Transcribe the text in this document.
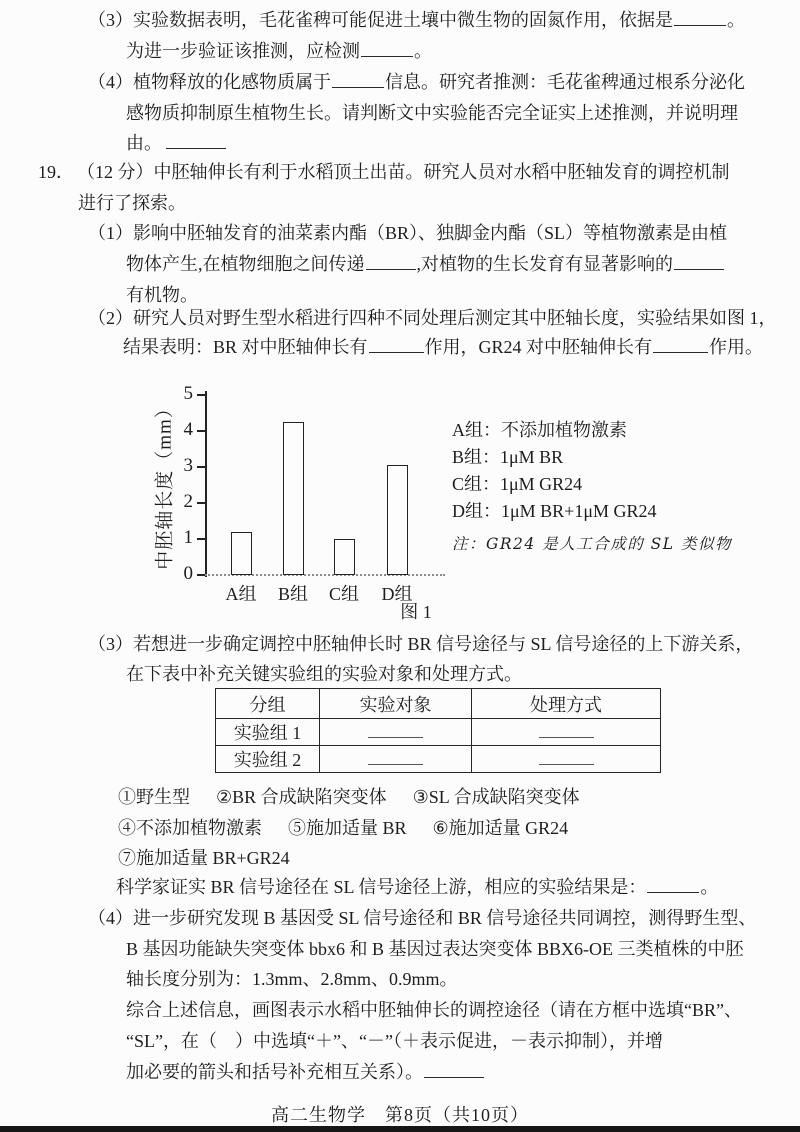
（3）实验数据表明，毛花雀稗可能促进土壤中微生物的固氮作用，依据是	。
为进一步验证该推测，应检测	。
（4）植物释放的化感物质属于	信息。研究者推测：毛花雀稗通过根系分泌化
感物质抑制原生植物生长。请判断文中实验能否完全证实上述推测，并说明理
由。
19． （12 分）中胚轴伸长有利于水稻顶土出苗。研究人员对水稻中胚轴发育的调控机制
进行了探索。
（1）影响中胚轴发育的油菜素内酯（BR）、独脚金内酯（SL）等植物激素是由植
物体产生,在植物细胞之间传递	,对植物的生长发育有显著影响的
有机物。
（2）研究人员对野生型水稻进行四种不同处理后测定其中胚轴长度，实验结果如图 1，
结果表明：BR 对中胚轴伸长有	作用，GR24 对中胚轴伸长有	作用。
（3）若想进一步确定调控中胚轴伸长时 BR 信号途径与 SL 信号途径的上下游关系，
在下表中补充关键实验组的实验对象和处理方式。
①野生型 ②BR 合成缺陷突变体 ③SL 合成缺陷突变体
④不添加植物激素 ⑤施加适量 BR ⑥施加适量 GR24
⑦施加适量 BR+GR24
科学家证实 BR 信号途径在 SL 信号途径上游，相应的实验结果是：	。
（4）进一步研究发现 B 基因受 SL 信号途径和 BR 信号途径共同调控，测得野生型、
B 基因功能缺失突变体 bbx6 和 B 基因过表达突变体 BBX6-OE 三类植株的中胚
轴长度分别为：1.3mm、2.8mm、0.9mm。
综合上述信息，画图表示水稻中胚轴伸长的调控途径（请在方框中选填“BR”、
“SL”，在（　）中选填“＋”、“－”（＋表示促进，－表示抑制），并增
加必要的箭头和括号补充相互关系）。
中胚轴长度（mm）
0
1
2
3
4
5
A组	B组	C组	D组
图 1
A组：不添加植物激素
B组：1μM BR
C组：1μM GR24
D组：1μM BR+1μM GR24
注：GR24 是人工合成的 SL 类似物
分组	实验对象	处理方式
实验组 1		
实验组 2		
高二生物学　第8页（共10页）
